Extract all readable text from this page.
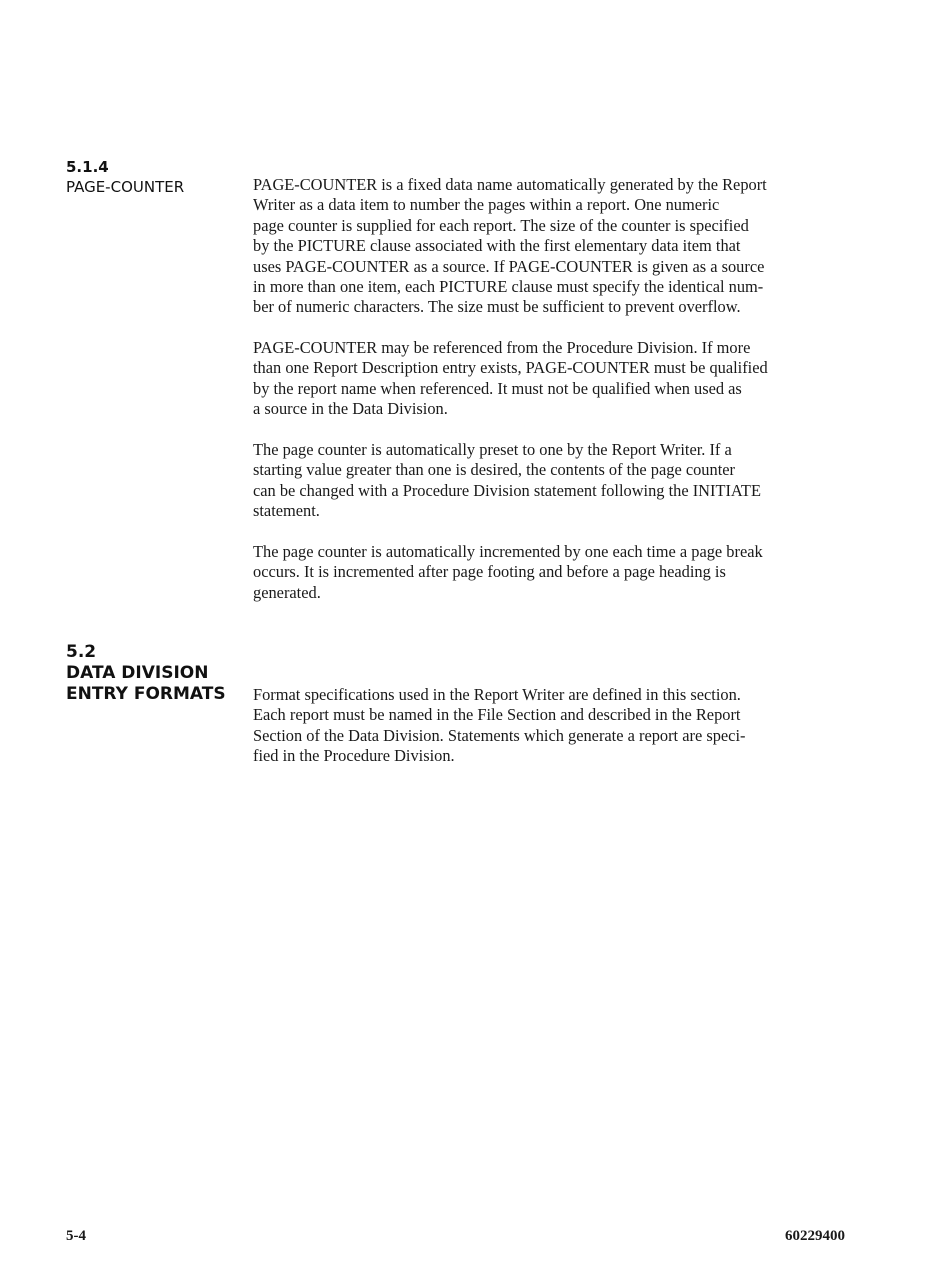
5.1.4
PAGE-COUNTER	PAGE-COUNTER is a fixed data name automatically generated by the Report
Writer as a data item to number the pages within a report. One numeric
page counter is supplied for each report. The size of the counter is specified
by the PICTURE clause associated with the first elementary data item that
uses PAGE-COUNTER as a source. If PAGE-COUNTER is given as a source
in more than one item, each PICTURE clause must specify the identical num-
ber of numeric characters. The size must be sufficient to prevent overflow.
PAGE-COUNTER may be referenced from the Procedure Division. If more
than one Report Description entry exists, PAGE-COUNTER must be qualified
by the report name when referenced. It must not be qualified when used as
a source in the Data Division.
The page counter is automatically preset to one by the Report Writer. If a
starting value greater than one is desired, the contents of the page counter
can be changed with a Procedure Division statement following the INITIATE
statement.
The page counter is automatically incremented by one each time a page break
occurs. It is incremented after page footing and before a page heading is
generated.
5.2
DATA DIVISION
ENTRY FORMATS Format specifications used in the Report Writer are defined in this section.
Each report must be named in the File Section and described in the Report
Section of the Data Division. Statements which generate a report are speci-
fied in the Procedure Division.
5-4	60229400
